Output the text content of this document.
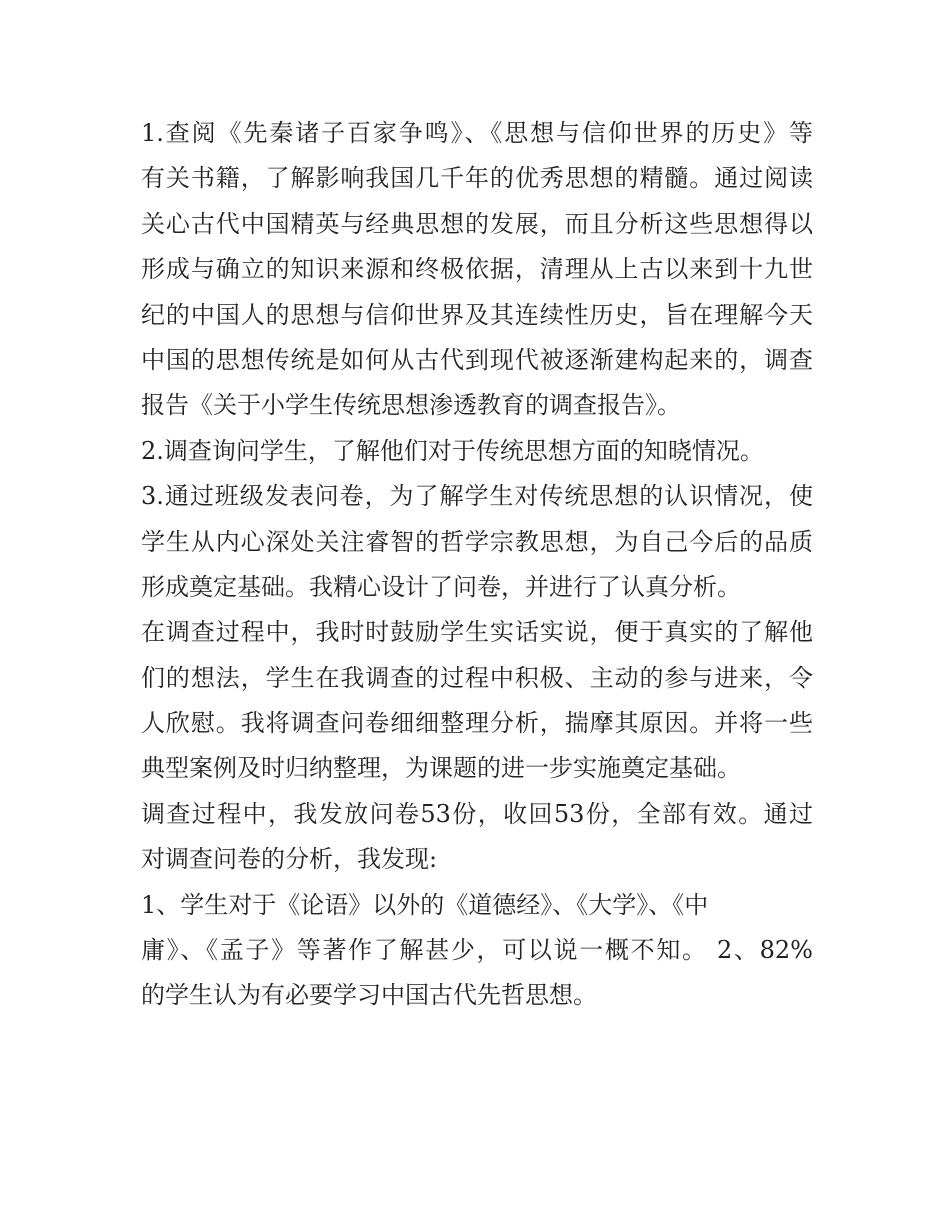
1.查阅《先秦诸子百家争鸣》、《思想与信仰世界的历史》等
有关书籍，了解影响我国几千年的优秀思想的精髓。通过阅读
关心古代中国精英与经典思想的发展，而且分析这些思想得以
形成与确立的知识来源和终极依据，清理从上古以来到十九世
纪的中国人的思想与信仰世界及其连续性历史，旨在理解今天
中国的思想传统是如何从古代到现代被逐渐建构起来的，调查
报告《关于小学生传统思想渗透教育的调查报告》。
2.调查询问学生，了解他们对于传统思想方面的知晓情况。
3.通过班级发表问卷，为了解学生对传统思想的认识情况，使
学生从内心深处关注睿智的哲学宗教思想，为自己今后的品质
形成奠定基础。我精心设计了问卷，并进行了认真分析。
在调查过程中，我时时鼓励学生实话实说，便于真实的了解他
们的想法，学生在我调查的过程中积极、主动的参与进来，令
人欣慰。我将调查问卷细细整理分析，揣摩其原因。并将一些
典型案例及时归纳整理，为课题的进一步实施奠定基础。
调查过程中，我发放问卷53份，收回53份，全部有效。通过
对调查问卷的分析，我发现:
1、学生对于《论语》以外的《道德经》、《大学》、《中
庸》、《孟子》等著作了解甚少，可以说一概不知。 2、82%
的学生认为有必要学习中国古代先哲思想。
